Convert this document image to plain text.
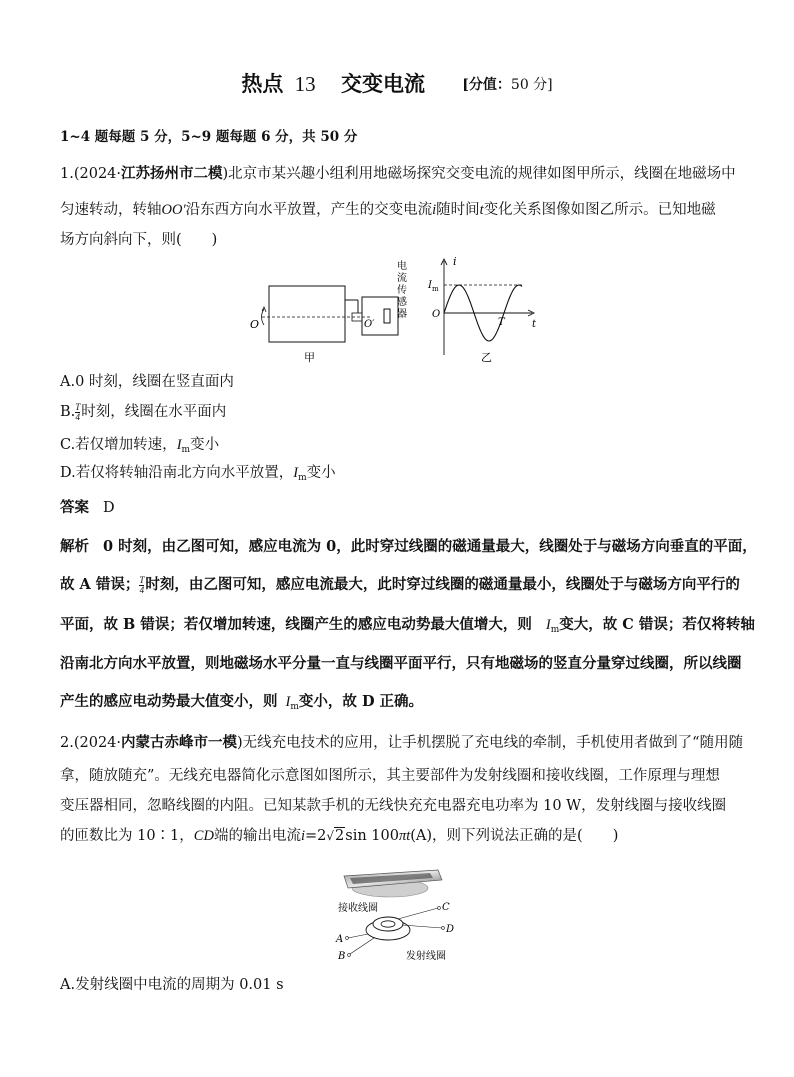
热点 13 交变电流	[分值：50 分]
1~4 题每题 5 分，5~9 题每题 6 分，共 50 分
1.(2024·江苏扬州市二模)北京市某兴趣小组利用地磁场探究交变电流的规律如图甲所示，线圈在地磁场中
匀速转动，转轴OO′沿东西方向水平放置，产生的交变电流i随时间t变化关系图像如图乙所示。已知地磁
场方向斜向下，则( )
O	O′
电
流
传
感
器
甲
i
$I_m$
O
T	t
乙
A.0 时刻，线圈在竖直面内
B. $\frac{T}{4}$ 时刻，线圈在水平面内
C.若仅增加转速，$I_m$变小
D.若仅将转轴沿南北方向水平放置，$I_m$变小
答案 D
解析 0 时刻，由乙图可知，感应电流为 0，此时穿过线圈的磁通量最大，线圈处于与磁场方向垂直的平面，
故 A 错误； $\frac{T}{4}$ 时刻，由乙图可知，感应电流最大，此时穿过线圈的磁通量最小，线圈处于与磁场方向平行的
平面，故 B 错误；若仅增加转速，线圈产生的感应电动势最大值增大，则 $I_m$变大，故 C 错误；若仅将转轴
沿南北方向水平放置，则地磁场水平分量一直与线圈平面平行，只有地磁场的竖直分量穿过线圈，所以线圈
产生的感应电动势最大值变小，则 $I_m$变小，故 D 正确。
2.(2024·内蒙古赤峰市一模)无线充电技术的应用，让手机摆脱了充电线的牵制，手机使用者做到了“随用随
拿，随放随充”。无线充电器简化示意图如图所示，其主要部件为发射线圈和接收线圈，工作原理与理想
变压器相同，忽略线圈的内阻。已知某款手机的无线快充充电器充电功率为 10 W，发射线圈与接收线圈
的匝数比为 10∶1，CD端的输出电流i=2√2sin 100πt(A)，则下列说法正确的是( )
接收线圈	C
D
A
B	发射线圈
A.发射线圈中电流的周期为 0.01 s
